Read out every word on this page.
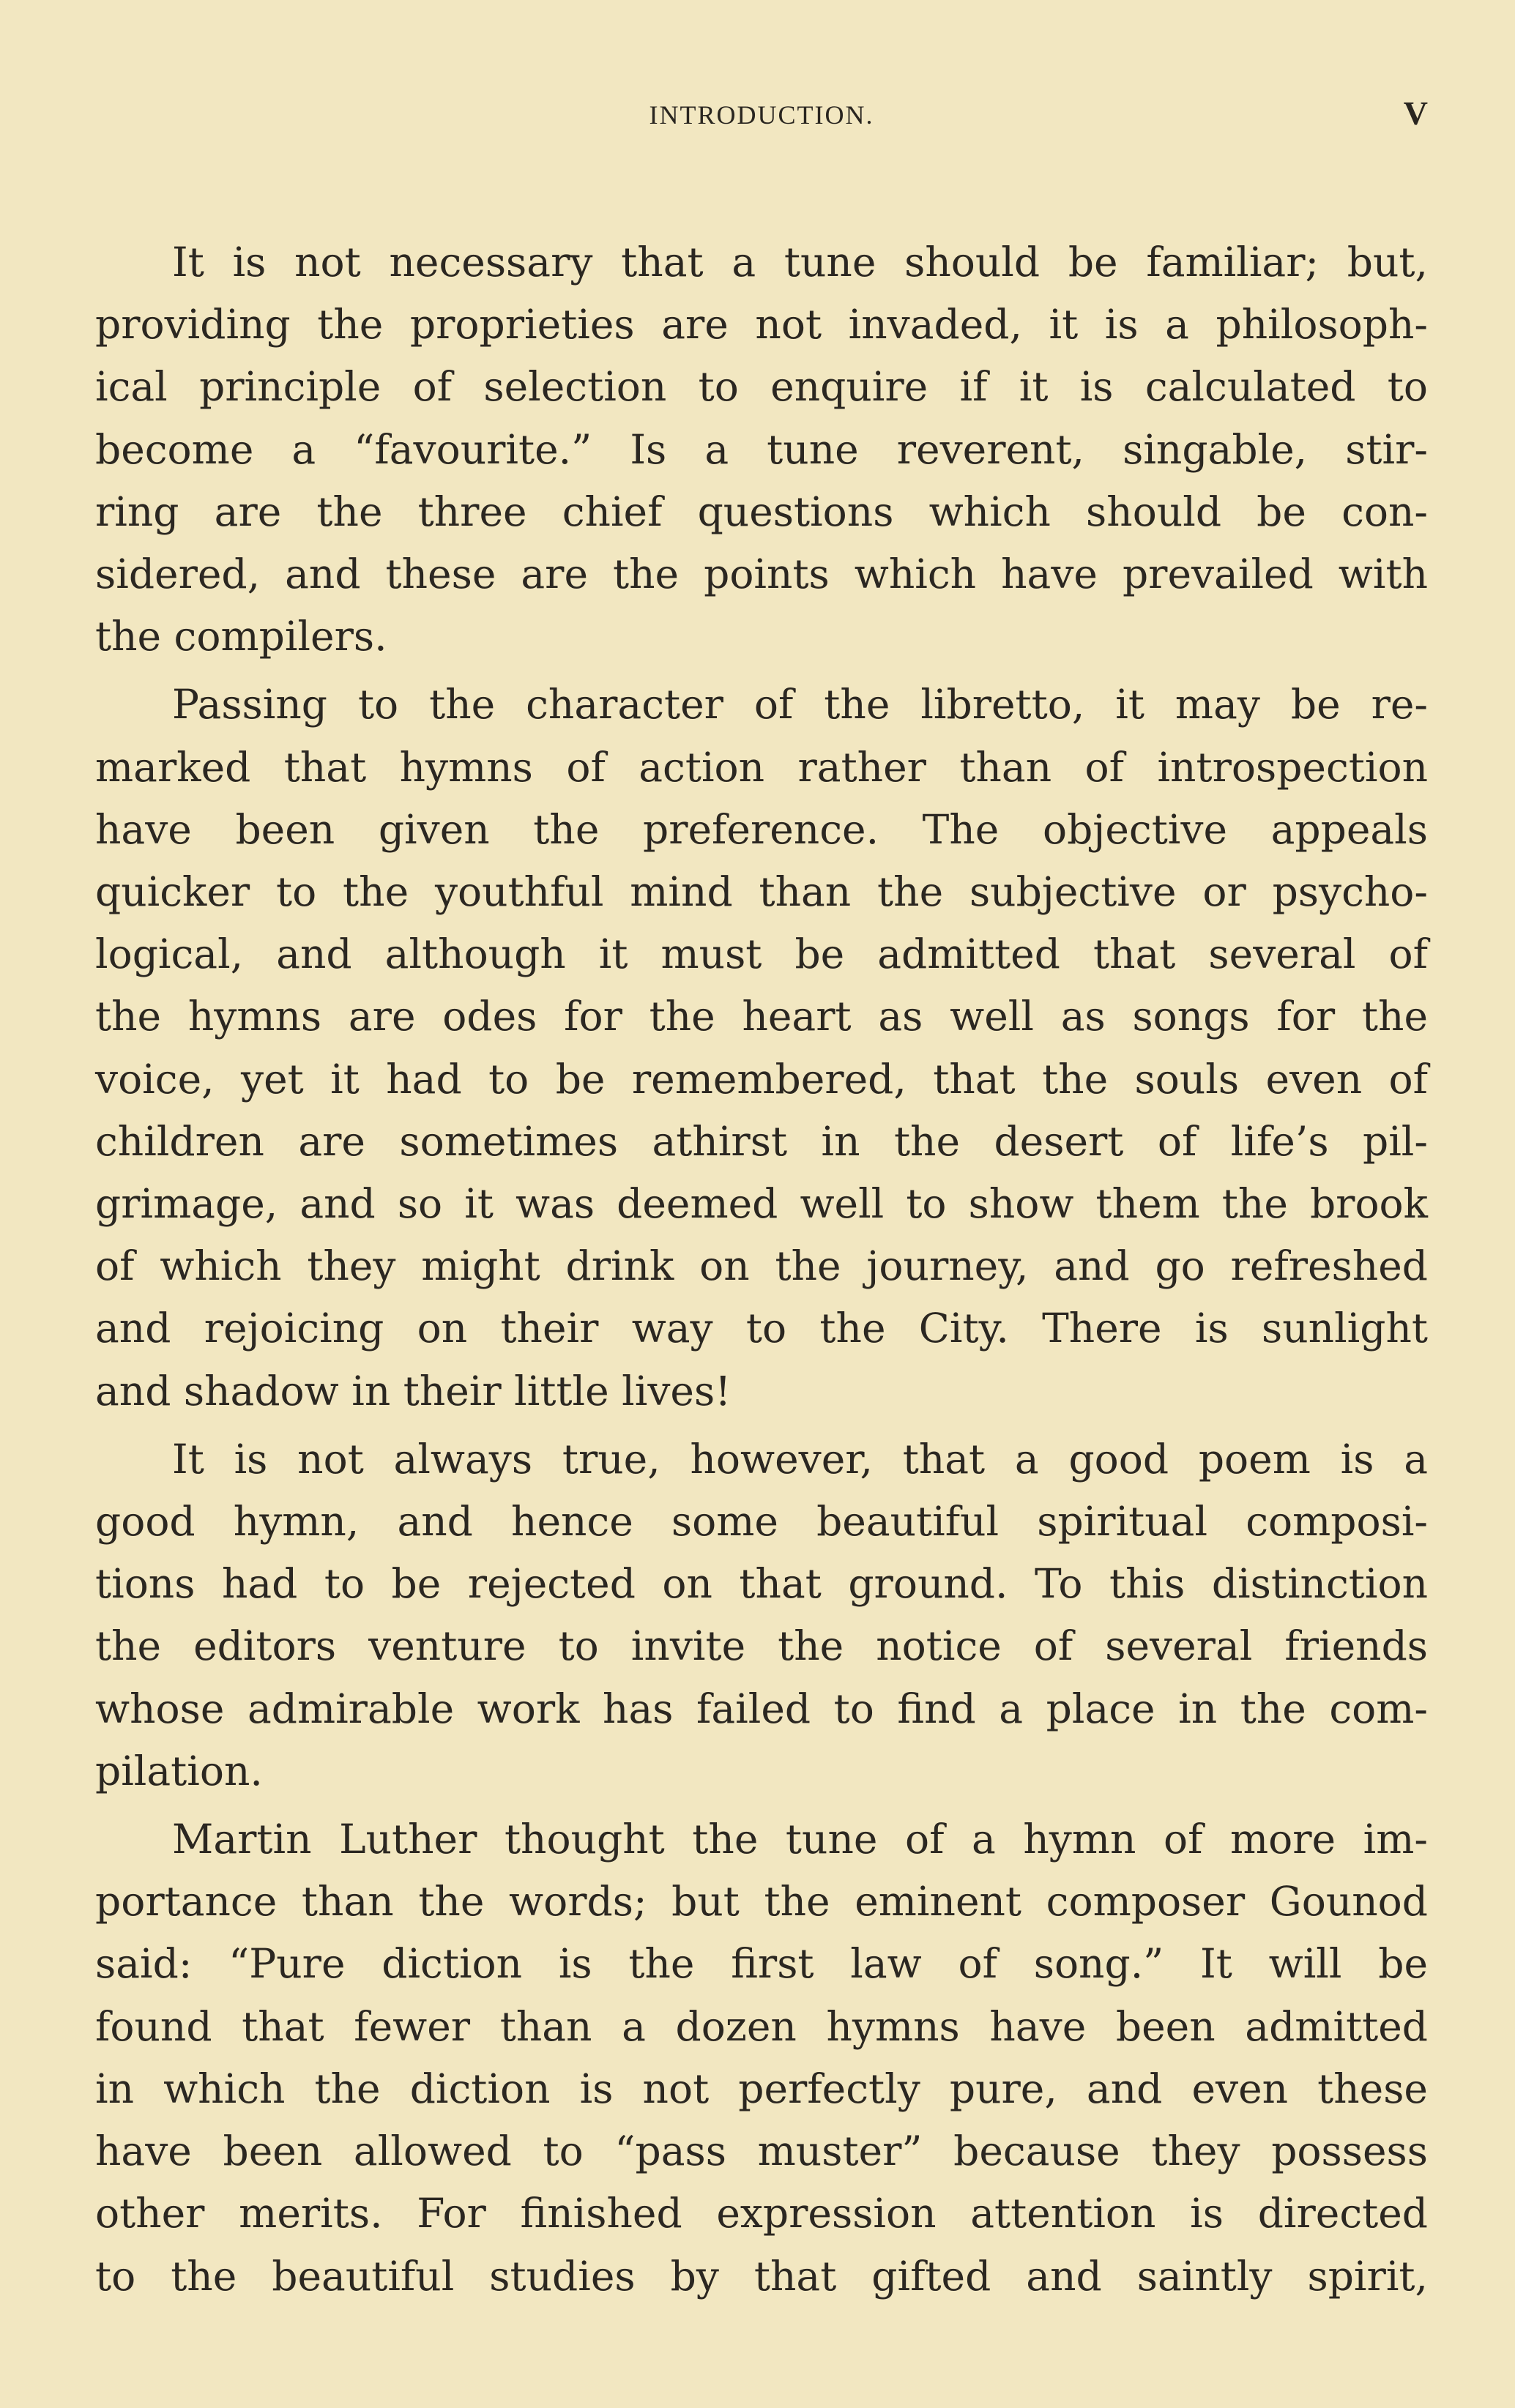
INTRODUCTION.	V
It is not necessary that a tune should be familiar; but,
providing the proprieties are not invaded, it is a philosoph-
ical principle of selection to enquire if it is calculated to
become a “favourite.” Is a tune reverent, singable, stir-
ring are the three chief questions which should be con-
sidered, and these are the points which have prevailed with
the compilers.
Passing to the character of the libretto, it may be re-
marked that hymns of action rather than of introspection
have been given the preference. The objective appeals
quicker to the youthful mind than the subjective or psycho-
logical, and although it must be admitted that several of
the hymns are odes for the heart as well as songs for the
voice, yet it had to be remembered, that the souls even of
children are sometimes athirst in the desert of life’s pil-
grimage, and so it was deemed well to show them the brook
of which they might drink on the journey, and go refreshed
and rejoicing on their way to the City. There is sunlight
and shadow in their little lives!
It is not always true, however, that a good poem is a
good hymn, and hence some beautiful spiritual composi-
tions had to be rejected on that ground. To this distinction
the editors venture to invite the notice of several friends
whose admirable work has failed to find a place in the com-
pilation.
Martin Luther thought the tune of a hymn of more im-
portance than the words; but the eminent composer Gounod
said: “Pure diction is the first law of song.” It will be
found that fewer than a dozen hymns have been admitted
in which the diction is not perfectly pure, and even these
have been allowed to “pass muster” because they possess
other merits. For finished expression attention is directed
to the beautiful studies by that gifted and saintly spirit,
